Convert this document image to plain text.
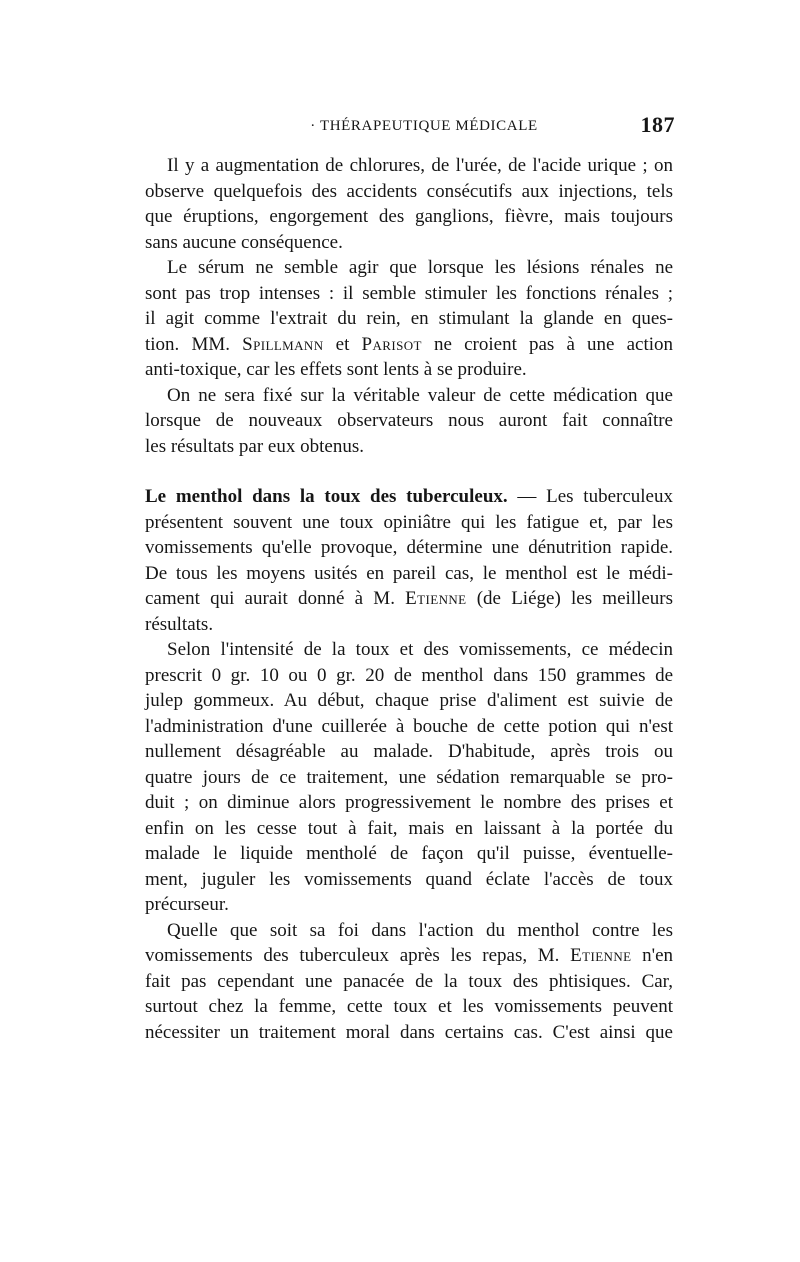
· THÉRAPEUTIQUE MÉDICALE	187
Il y a augmentation de chlorures, de l'urée, de l'acide urique ; on
observe quelquefois des accidents consécutifs aux injections, tels
que éruptions, engorgement des ganglions, fièvre, mais toujours
sans aucune conséquence.
Le sérum ne semble agir que lorsque les lésions rénales ne
sont pas trop intenses : il semble stimuler les fonctions rénales ;
il agit comme l'extrait du rein, en stimulant la glande en ques-
tion. MM. Spillmann et Parisot ne croient pas à une action
anti-toxique, car les effets sont lents à se produire.
On ne sera fixé sur la véritable valeur de cette médication que
lorsque de nouveaux observateurs nous auront fait connaître
les résultats par eux obtenus.
Le menthol dans la toux des tuberculeux. — Les tuberculeux
présentent souvent une toux opiniâtre qui les fatigue et, par les
vomissements qu'elle provoque, détermine une dénutrition rapide.
De tous les moyens usités en pareil cas, le menthol est le médi-
cament qui aurait donné à M. Etienne (de Liége) les meilleurs
résultats.
Selon l'intensité de la toux et des vomissements, ce médecin
prescrit 0 gr. 10 ou 0 gr. 20 de menthol dans 150 grammes de
julep gommeux. Au début, chaque prise d'aliment est suivie de
l'administration d'une cuillerée à bouche de cette potion qui n'est
nullement désagréable au malade. D'habitude, après trois ou
quatre jours de ce traitement, une sédation remarquable se pro-
duit ; on diminue alors progressivement le nombre des prises et
enfin on les cesse tout à fait, mais en laissant à la portée du
malade le liquide mentholé de façon qu'il puisse, éventuelle-
ment, juguler les vomissements quand éclate l'accès de toux
précurseur.
Quelle que soit sa foi dans l'action du menthol contre les
vomissements des tuberculeux après les repas, M. Etienne n'en
fait pas cependant une panacée de la toux des phtisiques. Car,
surtout chez la femme, cette toux et les vomissements peuvent
nécessiter un traitement moral dans certains cas. C'est ainsi que
